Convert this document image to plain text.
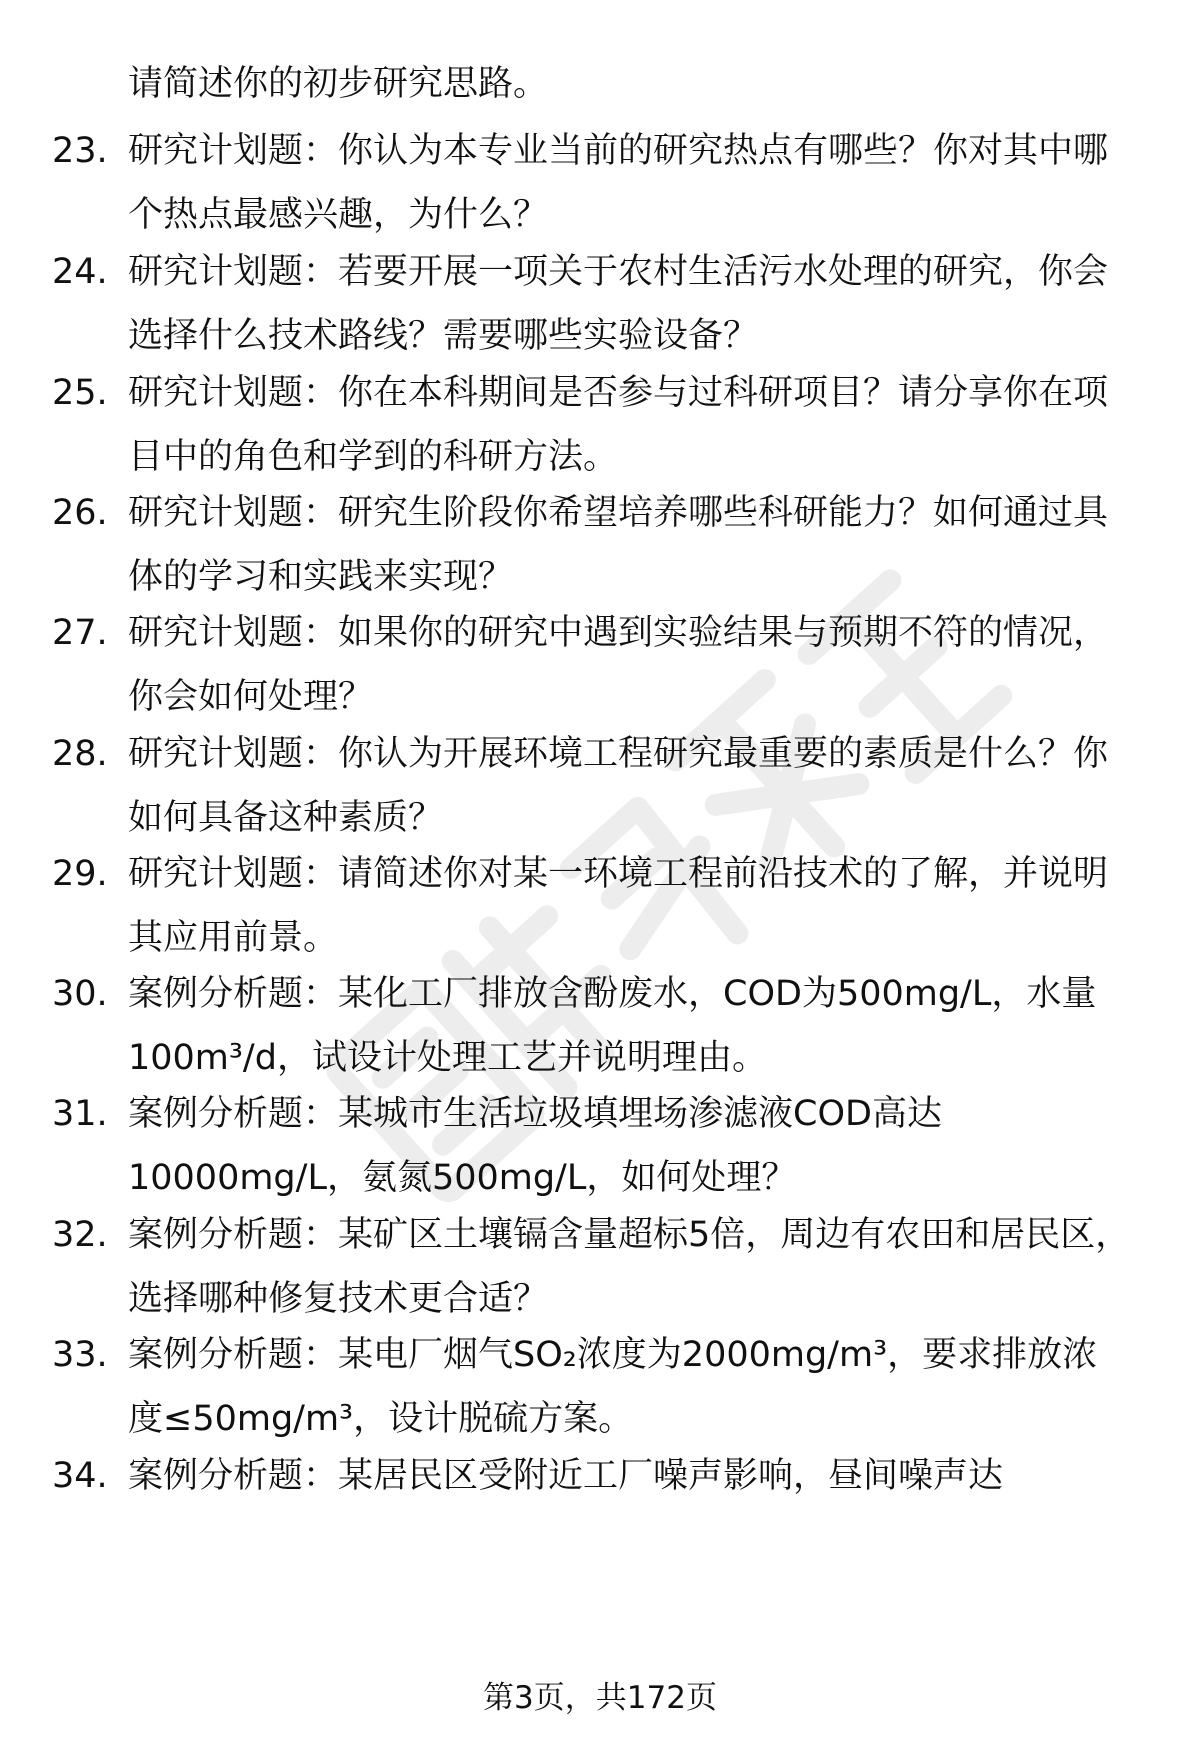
请简述你的初步研究思路。
23. 研究计划题：你认为本专业当前的研究热点有哪些？你对其中哪
个热点最感兴趣，为什么？
24. 研究计划题：若要开展一项关于农村生活污水处理的研究，你会
选择什么技术路线？需要哪些实验设备？
25. 研究计划题：你在本科期间是否参与过科研项目？请分享你在项
目中的角色和学到的科研方法。
26. 研究计划题：研究生阶段你希望培养哪些科研能力？如何通过具
体的学习和实践来实现？
27. 研究计划题：如果你的研究中遇到实验结果与预期不符的情况，
你会如何处理？
28. 研究计划题：你认为开展环境工程研究最重要的素质是什么？你
如何具备这种素质？
29. 研究计划题：请简述你对某一环境工程前沿技术的了解，并说明
其应用前景。
30. 案例分析题：某化工厂排放含酚废水，COD为500mg/L，水量
100m³/d，试设计处理工艺并说明理由。
31. 案例分析题：某城市生活垃圾填埋场渗滤液COD高达
10000mg/L，氨氮500mg/L，如何处理？
32. 案例分析题：某矿区土壤镉含量超标5倍，周边有农田和居民区，
选择哪种修复技术更合适？
33. 案例分析题：某电厂烟气SO₂浓度为2000mg/m³，要求排放浓
度≤50mg/m³，设计脱硫方案。
34. 案例分析题：某居民区受附近工厂噪声影响，昼间噪声达
第3页，共172页
